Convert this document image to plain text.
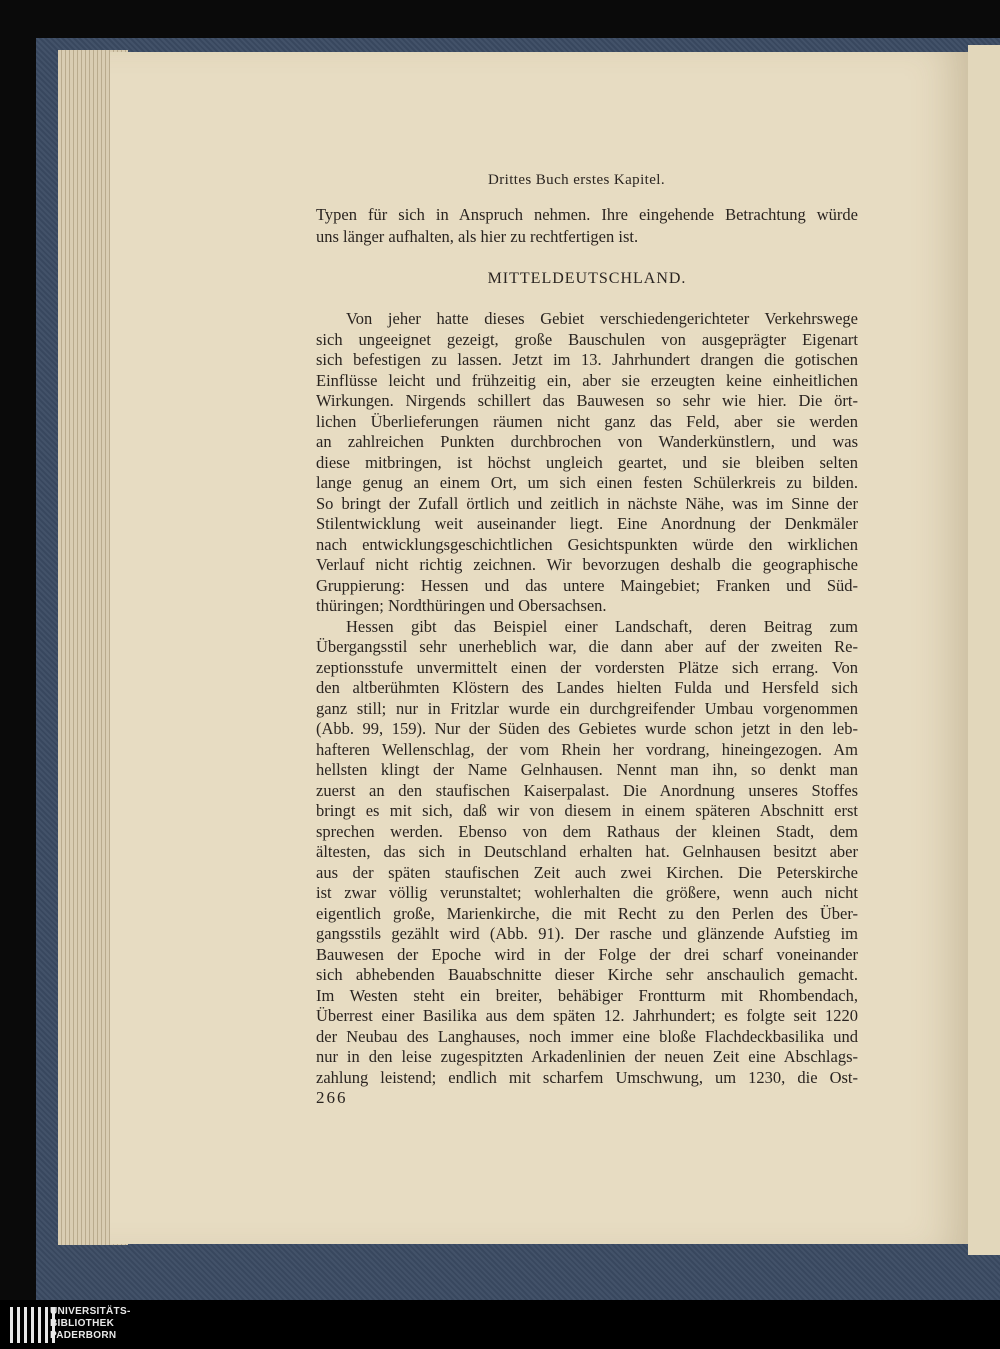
Drittes Buch erstes Kapitel.
Typen für sich in Anspruch nehmen. Ihre eingehende Betrachtung würde
uns länger aufhalten, als hier zu rechtfertigen ist.
MITTELDEUTSCHLAND.
Von jeher hatte dieses Gebiet verschiedengerichteter Verkehrswege
sich ungeeignet gezeigt, große Bauschulen von ausgeprägter Eigenart
sich befestigen zu lassen. Jetzt im 13. Jahrhundert drangen die gotischen
Einflüsse leicht und frühzeitig ein, aber sie erzeugten keine einheitlichen
Wirkungen. Nirgends schillert das Bauwesen so sehr wie hier. Die ört-
lichen Überlieferungen räumen nicht ganz das Feld, aber sie werden
an zahlreichen Punkten durchbrochen von Wanderkünstlern, und was
diese mitbringen, ist höchst ungleich geartet, und sie bleiben selten
lange genug an einem Ort, um sich einen festen Schülerkreis zu bilden.
So bringt der Zufall örtlich und zeitlich in nächste Nähe, was im Sinne der
Stilentwicklung weit auseinander liegt. Eine Anordnung der Denkmäler
nach entwicklungsgeschichtlichen Gesichtspunkten würde den wirklichen
Verlauf nicht richtig zeichnen. Wir bevorzugen deshalb die geographische
Gruppierung: Hessen und das untere Maingebiet; Franken und Süd-
thüringen; Nordthüringen und Obersachsen.
Hessen gibt das Beispiel einer Landschaft, deren Beitrag zum
Übergangsstil sehr unerheblich war, die dann aber auf der zweiten Re-
zeptionsstufe unvermittelt einen der vordersten Plätze sich errang. Von
den altberühmten Klöstern des Landes hielten Fulda und Hersfeld sich
ganz still; nur in Fritzlar wurde ein durchgreifender Umbau vorgenommen
(Abb. 99, 159). Nur der Süden des Gebietes wurde schon jetzt in den leb-
hafteren Wellenschlag, der vom Rhein her vordrang, hineingezogen. Am
hellsten klingt der Name Gelnhausen. Nennt man ihn, so denkt man
zuerst an den staufischen Kaiserpalast. Die Anordnung unseres Stoffes
bringt es mit sich, daß wir von diesem in einem späteren Abschnitt erst
sprechen werden. Ebenso von dem Rathaus der kleinen Stadt, dem
ältesten, das sich in Deutschland erhalten hat. Gelnhausen besitzt aber
aus der späten staufischen Zeit auch zwei Kirchen. Die Peterskirche
ist zwar völlig verunstaltet; wohlerhalten die größere, wenn auch nicht
eigentlich große, Marienkirche, die mit Recht zu den Perlen des Über-
gangsstils gezählt wird (Abb. 91). Der rasche und glänzende Aufstieg im
Bauwesen der Epoche wird in der Folge der drei scharf voneinander
sich abhebenden Bauabschnitte dieser Kirche sehr anschaulich gemacht.
Im Westen steht ein breiter, behäbiger Frontturm mit Rhombendach,
Überrest einer Basilika aus dem späten 12. Jahrhundert; es folgte seit 1220
der Neubau des Langhauses, noch immer eine bloße Flachdeckbasilika und
nur in den leise zugespitzten Arkadenlinien der neuen Zeit eine Abschlags-
zahlung leistend; endlich mit scharfem Umschwung, um 1230, die Ost-
266
UNIVERSITÄTS-
BIBLIOTHEK
PADERBORN
